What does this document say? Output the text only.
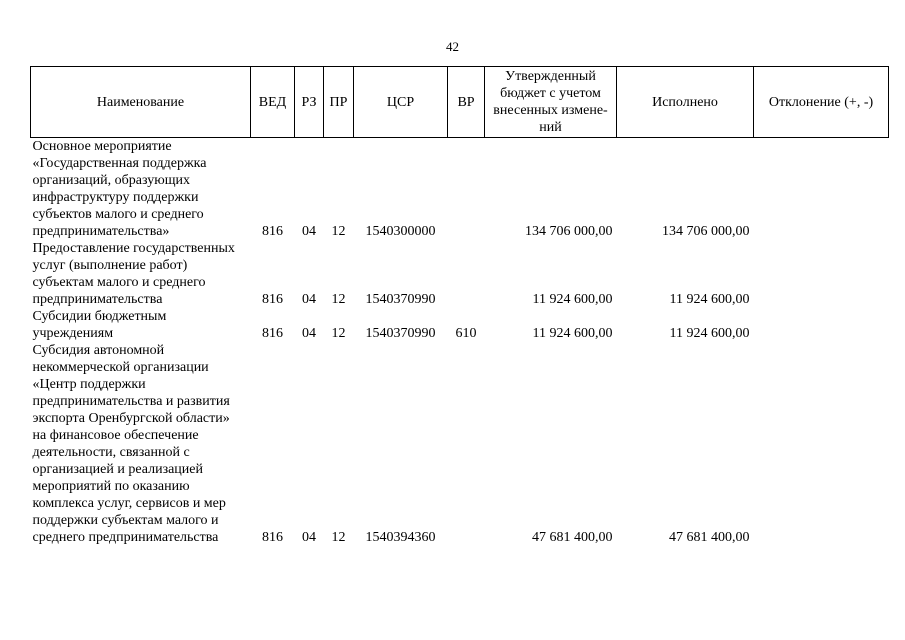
42
Наименование	ВЕД	РЗ	ПР	ЦСР	ВР	Утвержденный бюджет с учетом внесенных измене-ний	Исполнено	Отклонение (+, -)
Основное мероприятие «Государственная поддержка организаций, образующих инфраструктуру поддержки субъектов малого и среднего предпринимательства»	816	04	12	1540300000		134 706 000,00	134 706 000,00	
Предоставление государственных услуг (выполнение работ) субъектам малого и среднего предпринимательства	816	04	12	1540370990		11 924 600,00	11 924 600,00	
Субсидии бюджетным учреждениям	816	04	12	1540370990	610	11 924 600,00	11 924 600,00	
Субсидия автономной некоммерческой организации «Центр поддержки предпринимательства и развития экспорта Оренбургской области» на финансовое обеспечение деятельности, связанной с организацией и реализацией мероприятий по оказанию комплекса услуг, сервисов и мер поддержки субъектам малого и среднего предпринимательства	816	04	12	1540394360		47 681 400,00	47 681 400,00	
